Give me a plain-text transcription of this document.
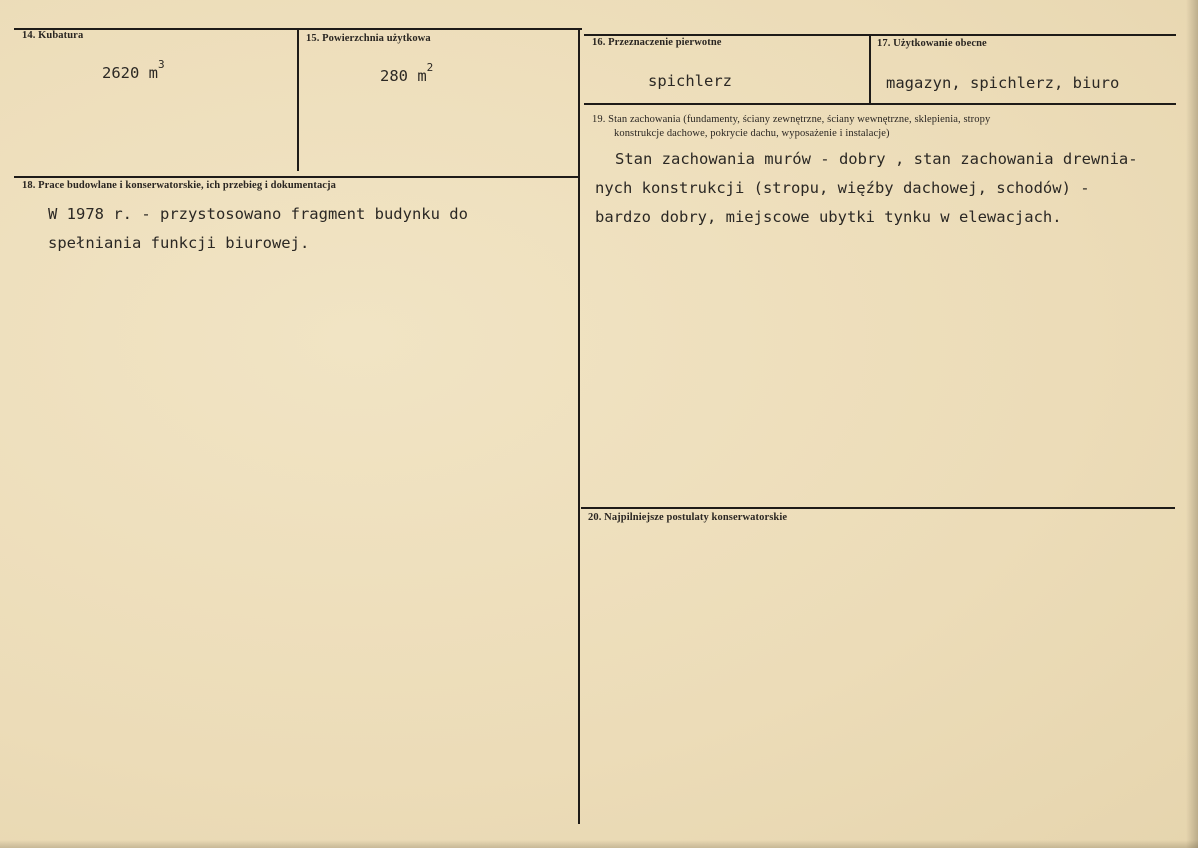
14. Kubatura
2620 $m^3$
15. Powierzchnia użytkowa
280 $m^2$
16. Przeznaczenie pierwotne
spichlerz
17. Użytkowanie obecne
magazyn, spichlerz, biuro
18. Prace budowlane i konserwatorskie, ich przebieg i dokumentacja
W 1978 r. - przystosowano fragment budynku do
spełniania funkcji biurowej.
19. Stan zachowania (fundamenty, ściany zewnętrzne, ściany wewnętrzne, sklepienia, stropy
konstrukcje dachowe, pokrycie dachu, wyposażenie i instalacje)
Stan zachowania murów - dobry , stan zachowania drewnia-
nych konstrukcji (stropu, więźby dachowej, schodów) -
bardzo dobry, miejscowe ubytki tynku w elewacjach.
20. Najpilniejsze postulaty konserwatorskie
